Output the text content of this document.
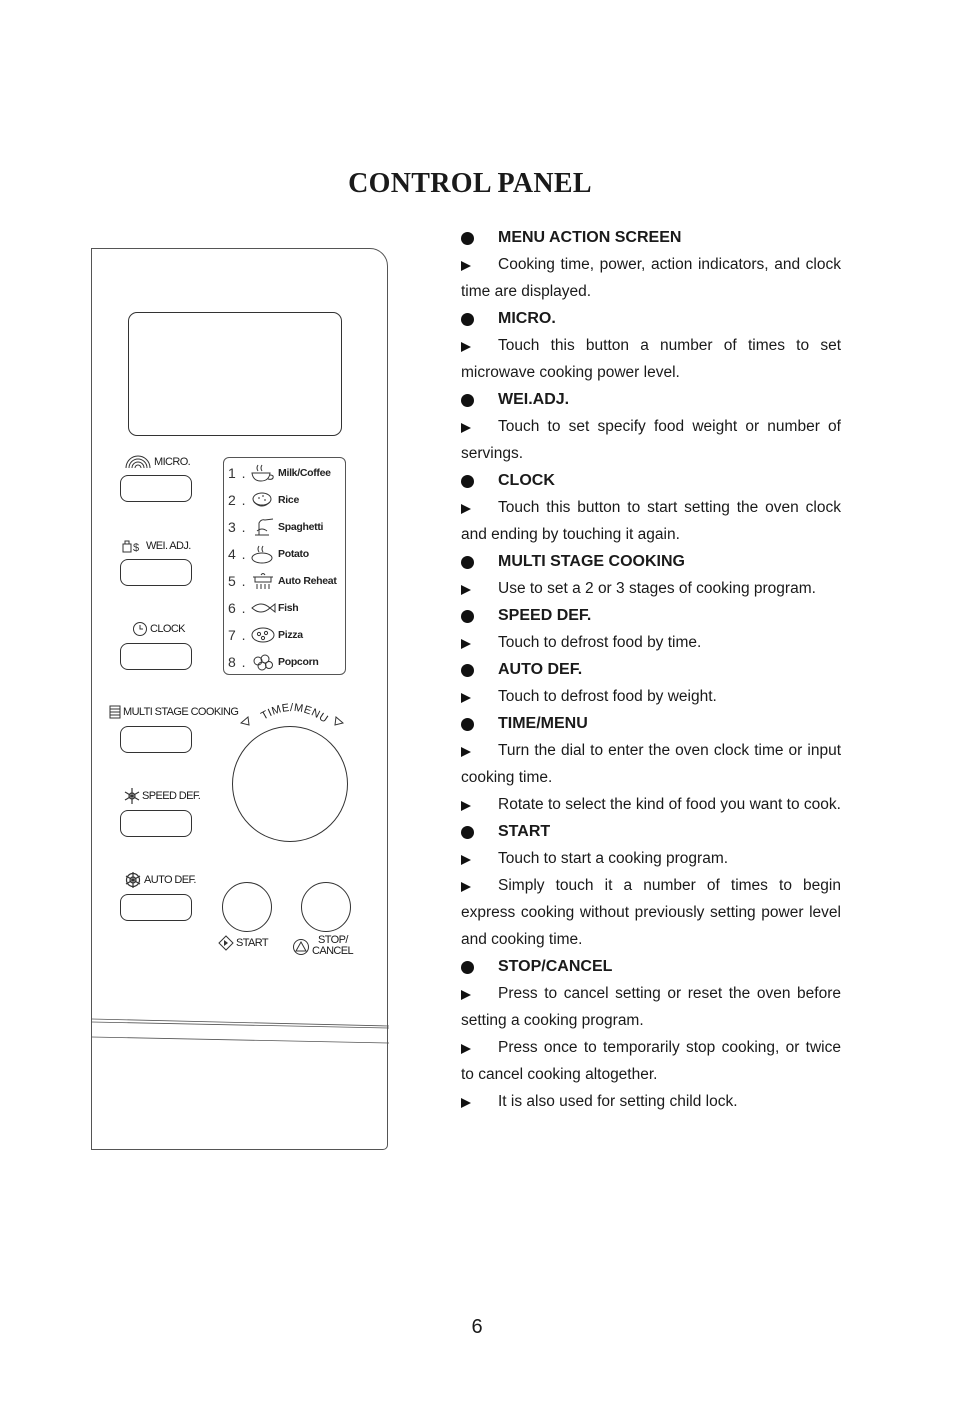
CONTROL PANEL
MICRO.
$ WEI. ADJ.
CLOCK
MULTI STAGE COOKING
SPEED DEF.
AUTO DEF.
1 .	Milk/Coffee
2 .	Rice
3 .	Spaghetti
4 .	Potato
5 .	Auto Reheat
6 .	Fish
7 .	Pizza
8 .	Popcorn
TIME/MENU
START	STOP/
CANCEL
MENU ACTION SCREEN
Cooking time, power, action indicators, and clock time are displayed.
MICRO.
Touch this button a number of times to set microwave cooking power level.
WEI.ADJ.
Touch to set specify food weight or number of servings.
CLOCK
Touch this button to start setting the oven clock and ending by touching it again.
MULTI STAGE COOKING
Use to set a 2 or 3 stages of cooking program.
SPEED DEF.
Touch to defrost food by time.
AUTO DEF.
Touch to defrost food by weight.
TIME/MENU
Turn the dial to enter the oven clock time or input cooking time.
Rotate to select the kind of food you want to cook.
START
Touch to start a cooking program.
Simply touch it a number of times to begin express cooking without previously setting power level and cooking time.
STOP/CANCEL
Press to cancel setting or reset the oven before setting a cooking program.
Press once to temporarily stop cooking, or twice to cancel cooking altogether.
It is also used for setting child lock.
6
